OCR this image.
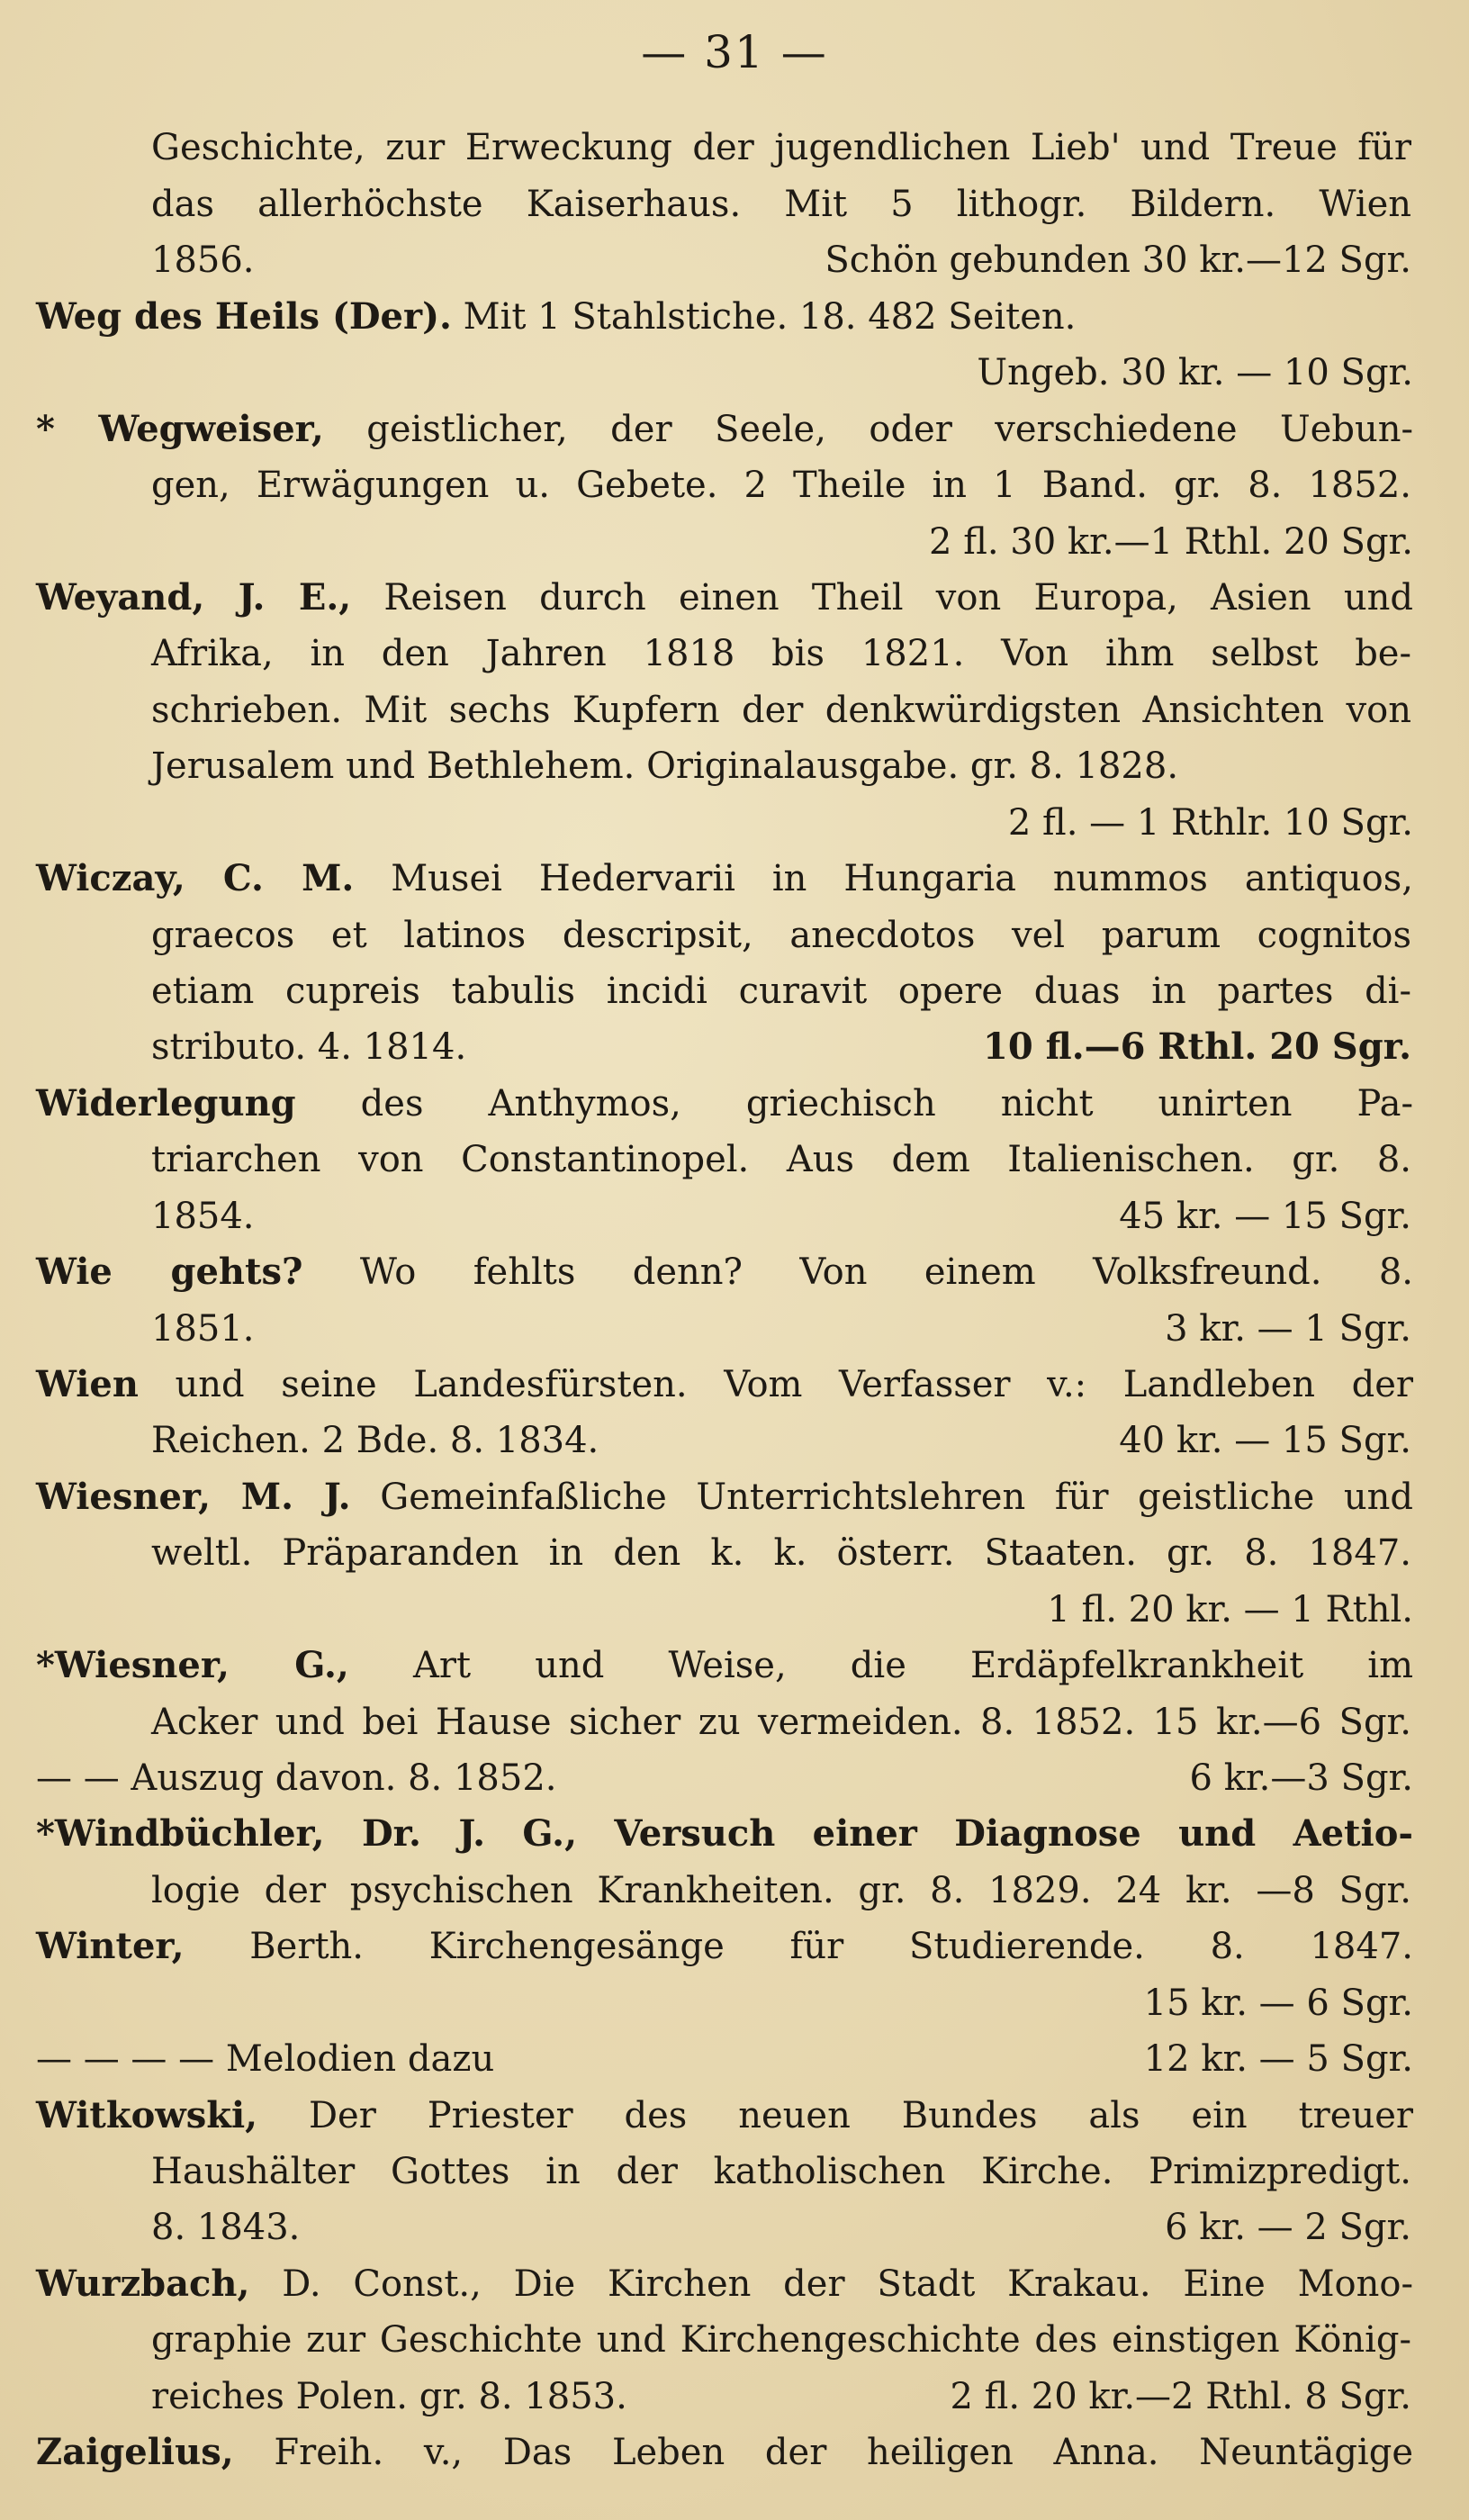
— 31 —
Geschichte, zur Erweckung der jugendlichen Lieb' und Treue für
das allerhöchste Kaiserhaus. Mit 5 lithogr. Bildern. Wien
1856.	Schön gebunden 30 kr.—12 Sgr.
Weg des Heils (Der). Mit 1 Stahlstiche. 18. 482 Seiten.
Ungeb. 30 kr. — 10 Sgr.
* Wegweiser, geistlicher, der Seele, oder verschiedene Uebun-
gen, Erwägungen u. Gebete. 2 Theile in 1 Band. gr. 8. 1852.
2 fl. 30 kr.—1 Rthl. 20 Sgr.
Weyand, J. E., Reisen durch einen Theil von Europa, Asien und
Afrika, in den Jahren 1818 bis 1821. Von ihm selbst be-
schrieben. Mit sechs Kupfern der denkwürdigsten Ansichten von
Jerusalem und Bethlehem. Originalausgabe. gr. 8. 1828.
2 fl. — 1 Rthlr. 10 Sgr.
Wiczay, C. M. Musei Hedervarii in Hungaria nummos antiquos,
graecos et latinos descripsit, anecdotos vel parum cognitos
etiam cupreis tabulis incidi curavit opere duas in partes di-
stributo. 4. 1814.	10 fl.—6 Rthl. 20 Sgr.
Widerlegung des Anthymos, griechisch nicht unirten Pa-
triarchen von Constantinopel. Aus dem Italienischen. gr. 8.
1854.	45 kr. — 15 Sgr.
Wie gehts? Wo fehlts denn? Von einem Volksfreund. 8.
1851.	3 kr. — 1 Sgr.
Wien und seine Landesfürsten. Vom Verfasser v.: Landleben der
Reichen. 2 Bde. 8. 1834.	40 kr. — 15 Sgr.
Wiesner, M. J. Gemeinfaßliche Unterrichtslehren für geistliche und
weltl. Präparanden in den k. k. österr. Staaten. gr. 8. 1847.
1 fl. 20 kr. — 1 Rthl.
*Wiesner, G., Art und Weise, die Erdäpfelkrankheit im
Acker und bei Hause sicher zu vermeiden. 8. 1852. 15 kr.—6 Sgr.
— — Auszug davon. 8. 1852.	6 kr.—3 Sgr.
*Windbüchler, Dr. J. G., Versuch einer Diagnose und Aetio-
logie der psychischen Krankheiten. gr. 8. 1829. 24 kr. —8 Sgr.
Winter, Berth. Kirchengesänge für Studierende. 8. 1847.
15 kr. — 6 Sgr.
— — — — Melodien dazu	12 kr. — 5 Sgr.
Witkowski, Der Priester des neuen Bundes als ein treuer
Haushälter Gottes in der katholischen Kirche. Primizpredigt.
8. 1843.	6 kr. — 2 Sgr.
Wurzbach, D. Const., Die Kirchen der Stadt Krakau. Eine Mono-
graphie zur Geschichte und Kirchengeschichte des einstigen König-
reiches Polen. gr. 8. 1853.	2 fl. 20 kr.—2 Rthl. 8 Sgr.
Zaigelius, Freih. v., Das Leben der heiligen Anna. Neuntägige
